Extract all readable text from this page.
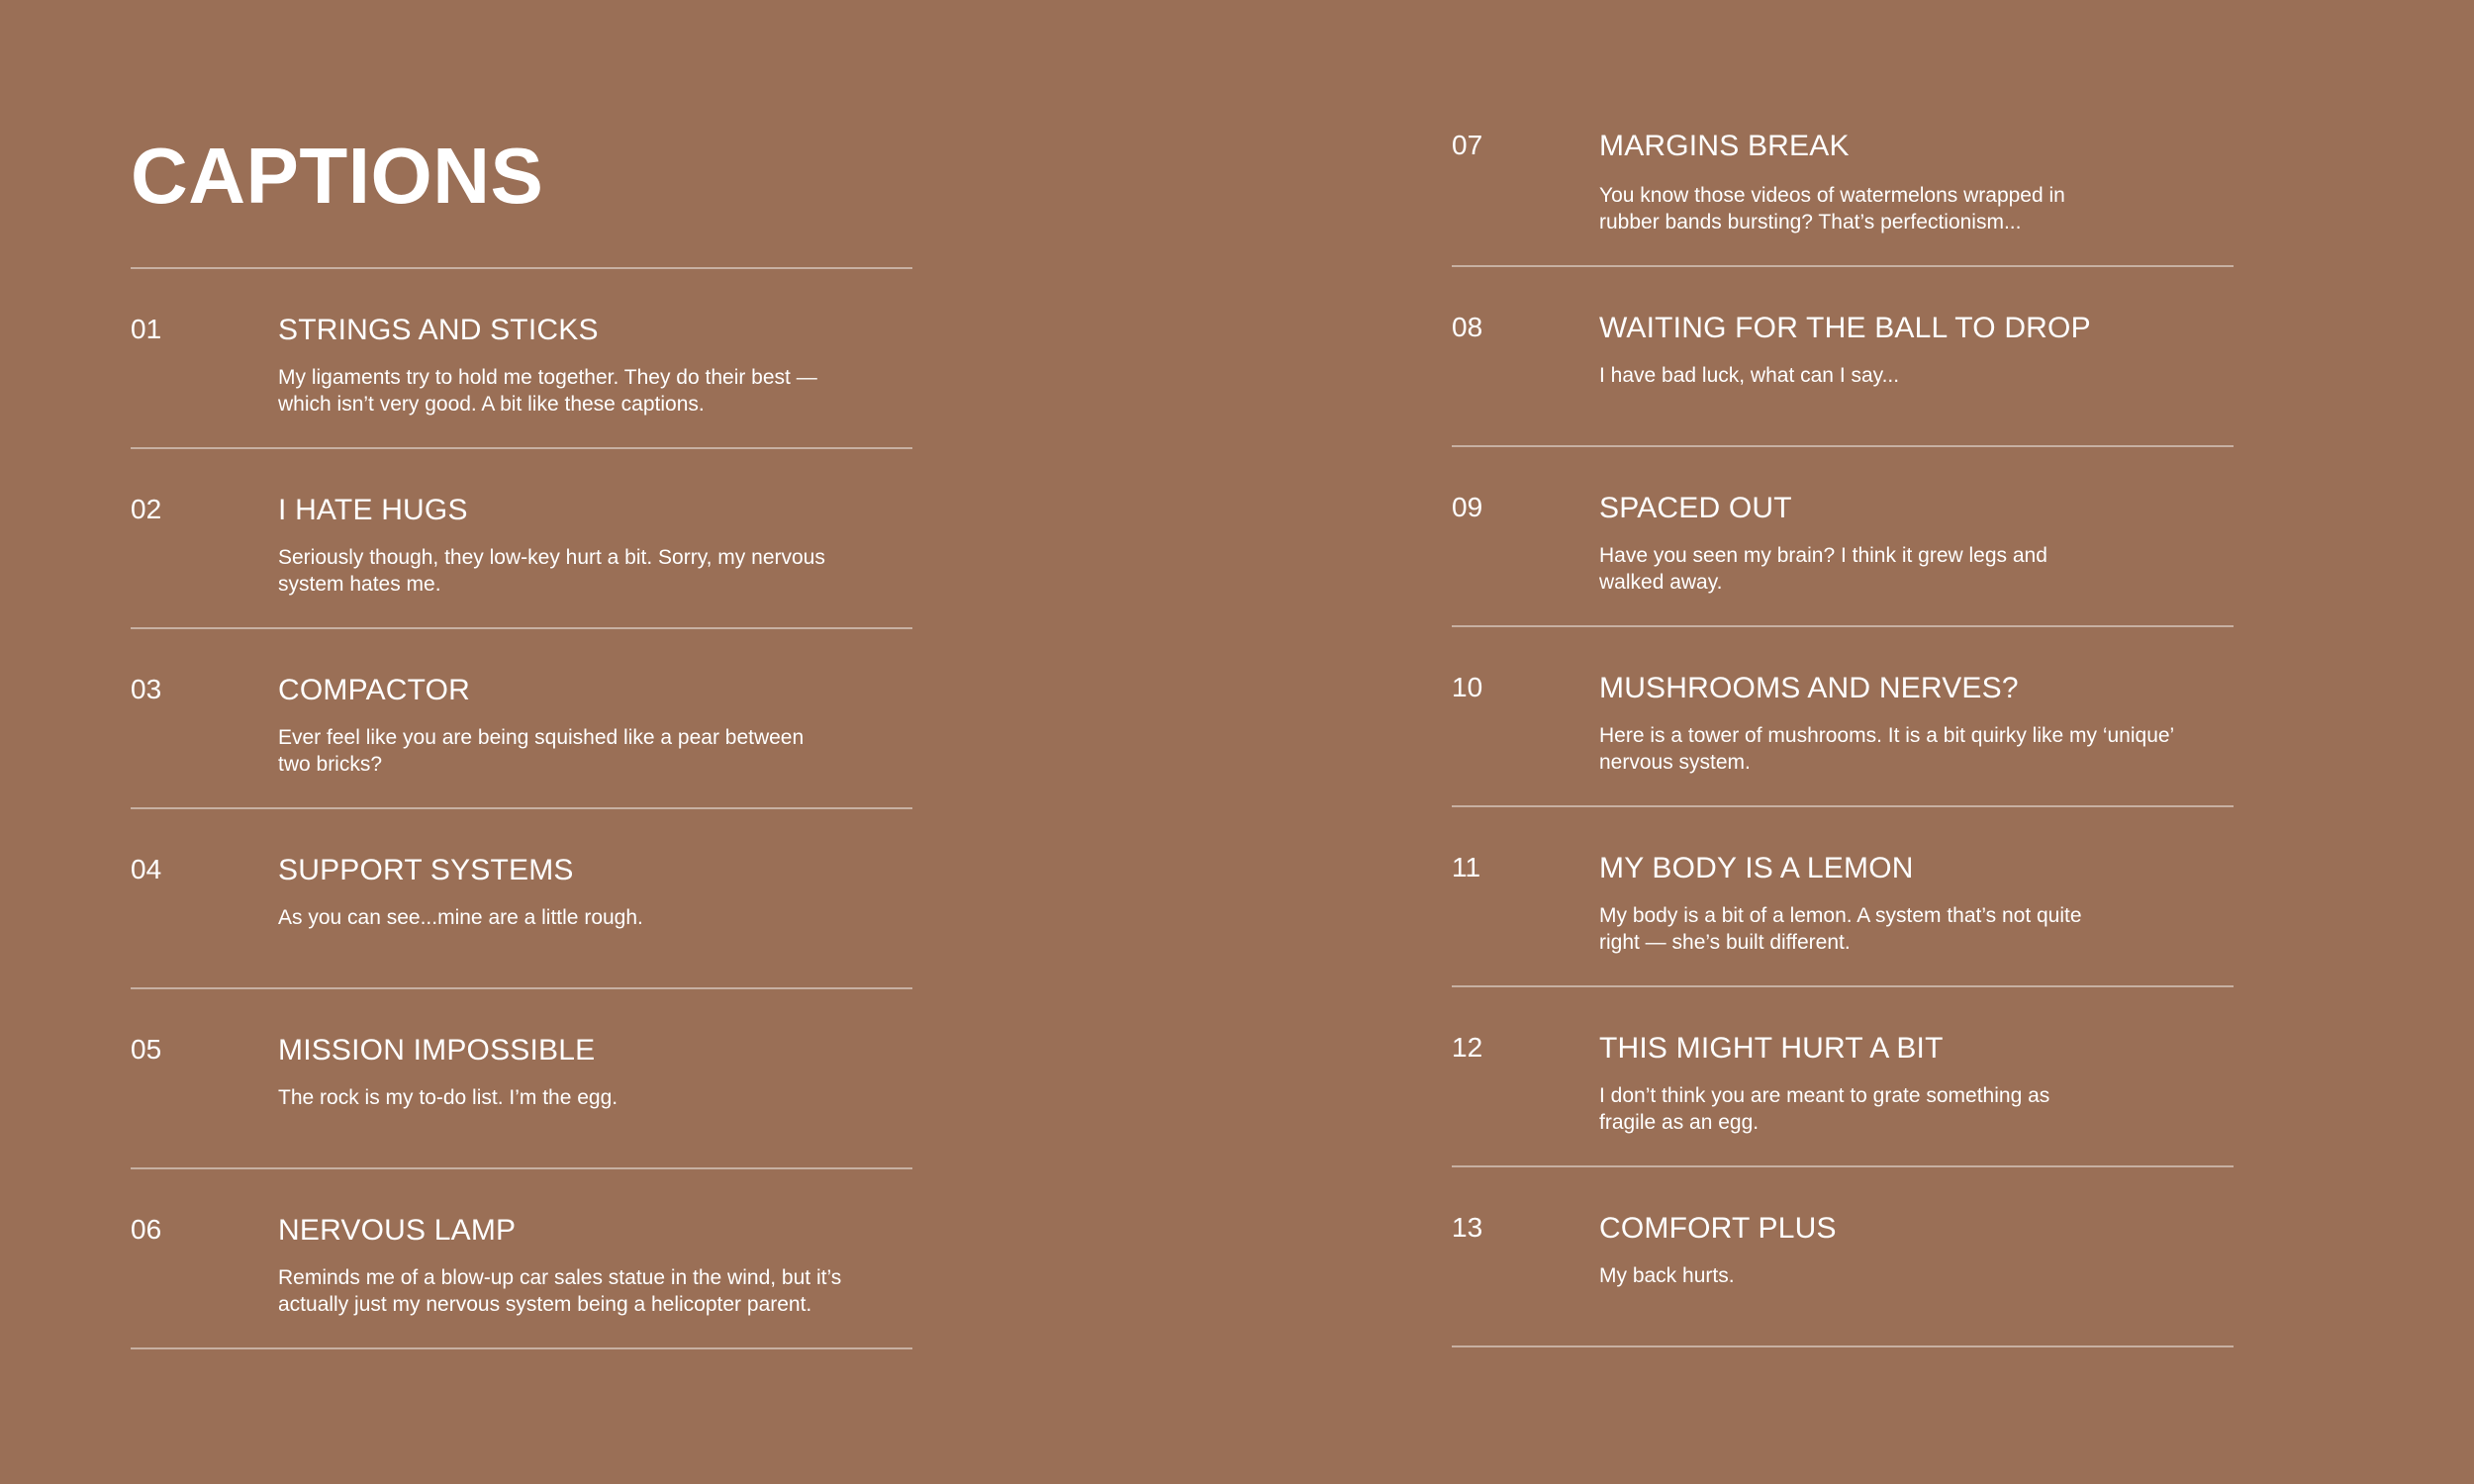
CAPTIONS
01	STRINGS AND STICKS
My ligaments try to hold me together. They do their best —
which isn’t very good. A bit like these captions.
02	I HATE HUGS
Seriously though, they low-key hurt a bit. Sorry, my nervous
system hates me.
03	COMPACTOR
Ever feel like you are being squished like a pear between
two bricks?
04	SUPPORT SYSTEMS
As you can see...mine are a little rough.
05	MISSION IMPOSSIBLE
The rock is my to-do list. I’m the egg.
06	NERVOUS LAMP
Reminds me of a blow-up car sales statue in the wind, but it’s
actually just my nervous system being a helicopter parent.
07	MARGINS BREAK
You know those videos of watermelons wrapped in
rubber bands bursting? That’s perfectionism...
08	WAITING FOR THE BALL TO DROP
I have bad luck, what can I say...
09	SPACED OUT
Have you seen my brain? I think it grew legs and
walked away.
10	MUSHROOMS AND NERVES?
Here is a tower of mushrooms. It is a bit quirky like my ‘unique’
nervous system.
11	MY BODY IS A LEMON
My body is a bit of a lemon. A system that’s not quite
right — she’s built different.
12	THIS MIGHT HURT A BIT
I don’t think you are meant to grate something as
fragile as an egg.
13	COMFORT PLUS
My back hurts.
